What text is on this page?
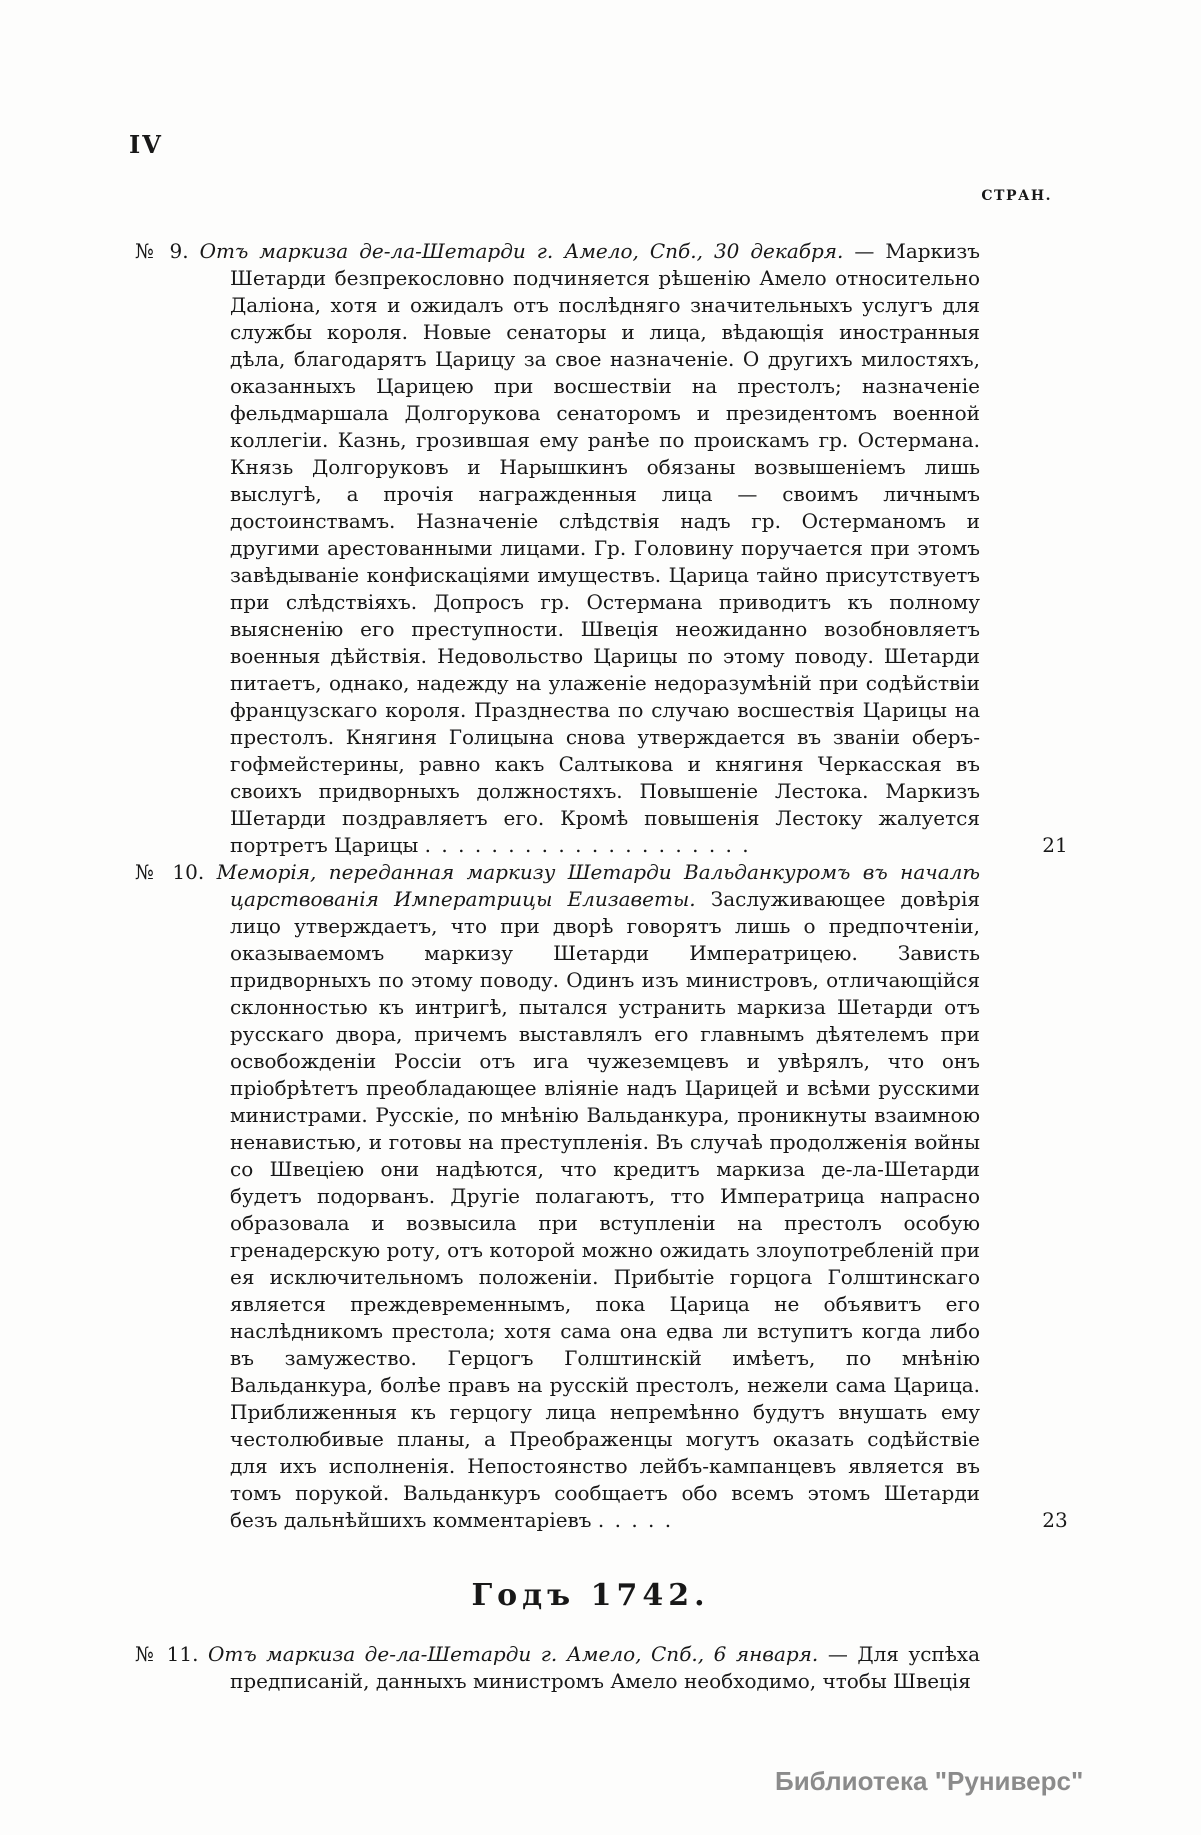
IV
СТРАН.

№ 9. Отъ маркиза де-ла-Шетарди г. Амело, Спб., 30 декабря. — Маркизъ Шетарди безпрекословно подчиняется рѣшенію Амело относительно Даліона, хотя и ожидалъ отъ послѣдняго значительныхъ услугъ для службы короля. Новые сенаторы и лица, вѣдающія иностранныя дѣла, благодарятъ Царицу за свое назначеніе. О другихъ милостяхъ, оказанныхъ Царицею при восшествіи на престолъ; назначеніе фельдмаршала Долгорукова сенаторомъ и президентомъ военной коллегіи. Казнь, грозившая ему ранѣе по проискамъ гр. Остермана. Князь Долгоруковъ и Нарышкинъ обязаны возвышеніемъ лишь выслугѣ, а прочія награжденныя лица — своимъ личнымъ достоинствамъ. Назначеніе слѣдствія надъ гр. Остерманомъ и другими арестованными лицами. Гр. Головину поручается при этомъ завѣдываніе конфискаціями имуществъ. Царица тайно присутствуетъ при слѣдствіяхъ. Допросъ гр. Остермана приводитъ къ полному выясненію его преступности. Швеція неожиданно возобновляетъ военныя дѣйствія. Недовольство Царицы по этому поводу. Шетарди питаетъ, однако, надежду на улаженіе недоразумѣній при содѣйствіи французскаго короля. Празднества по случаю восшествія Царицы на престолъ. Княгиня Голицына снова утверждается въ званіи оберъ-гофмейстерины, равно какъ Салтыкова и княгиня Черкасская въ своихъ придворныхъ должностяхъ. Повышеніе Лестока. Маркизъ Шетарди поздравляетъ его. Кромѣ повышенія Лестоку жалуется портретъ Царицы . . . . . . . . . . . . . . . . . . . .	21

№ 10. Меморія, переданная маркизу Шетарди Вальданкуромъ въ началѣ царствованія Императрицы Елизаветы. Заслуживающее довѣрія лицо утверждаетъ, что при дворѣ говорятъ лишь о предпочтеніи, оказываемомъ маркизу Шетарди Императрицею. Зависть придворныхъ по этому поводу. Одинъ изъ министровъ, отличающійся склонностью къ интригѣ, пытался устранить маркиза Шетарди отъ русскаго двора, причемъ выставлялъ его главнымъ дѣятелемъ при освобожденіи Россіи отъ ига чужеземцевъ и увѣрялъ, что онъ пріобрѣтетъ преобладающее вліяніе надъ Царицей и всѣми русскими министрами. Русскіе, по мнѣнію Вальданкура, проникнуты взаимною ненавистью, и готовы на преступленія. Въ случаѣ продолженія войны со Швеціею они надѣются, что кредитъ маркиза де-ла-Шетарди будетъ подорванъ. Другіе полагаютъ, тто Императрица напрасно образовала и возвысила при вступленіи на престолъ особую гренадерскую роту, отъ которой можно ожидать злоупотребленій при ея исключительномъ положеніи. Прибытіе горцога Голштинскаго является преждевременнымъ, пока Царица не объявитъ его наслѣдникомъ престола; хотя сама она едва ли вступитъ когда либо въ замужество. Герцогъ Голштинскій имѣетъ, по мнѣнію Вальданкура, болѣе правъ на русскій престолъ, нежели сама Царица. Приближенныя къ герцогу лица непремѣнно будутъ внушать ему честолюбивые планы, а Преображенцы могутъ оказать содѣйствіе для ихъ исполненія. Непостоянство лейбъ-кампанцевъ является въ томъ порукой. Вальданкуръ сообщаетъ обо всемъ этомъ Шетарди безъ дальнѣйшихъ комментаріевъ . . . . .	23

Годъ 1742.

№ 11. Отъ маркиза де-ла-Шетарди г. Амело, Спб., 6 января. — Для успѣха предписаній, данныхъ министромъ Амело необходимо, чтобы Швеція

Библиотека "Руниверс"
